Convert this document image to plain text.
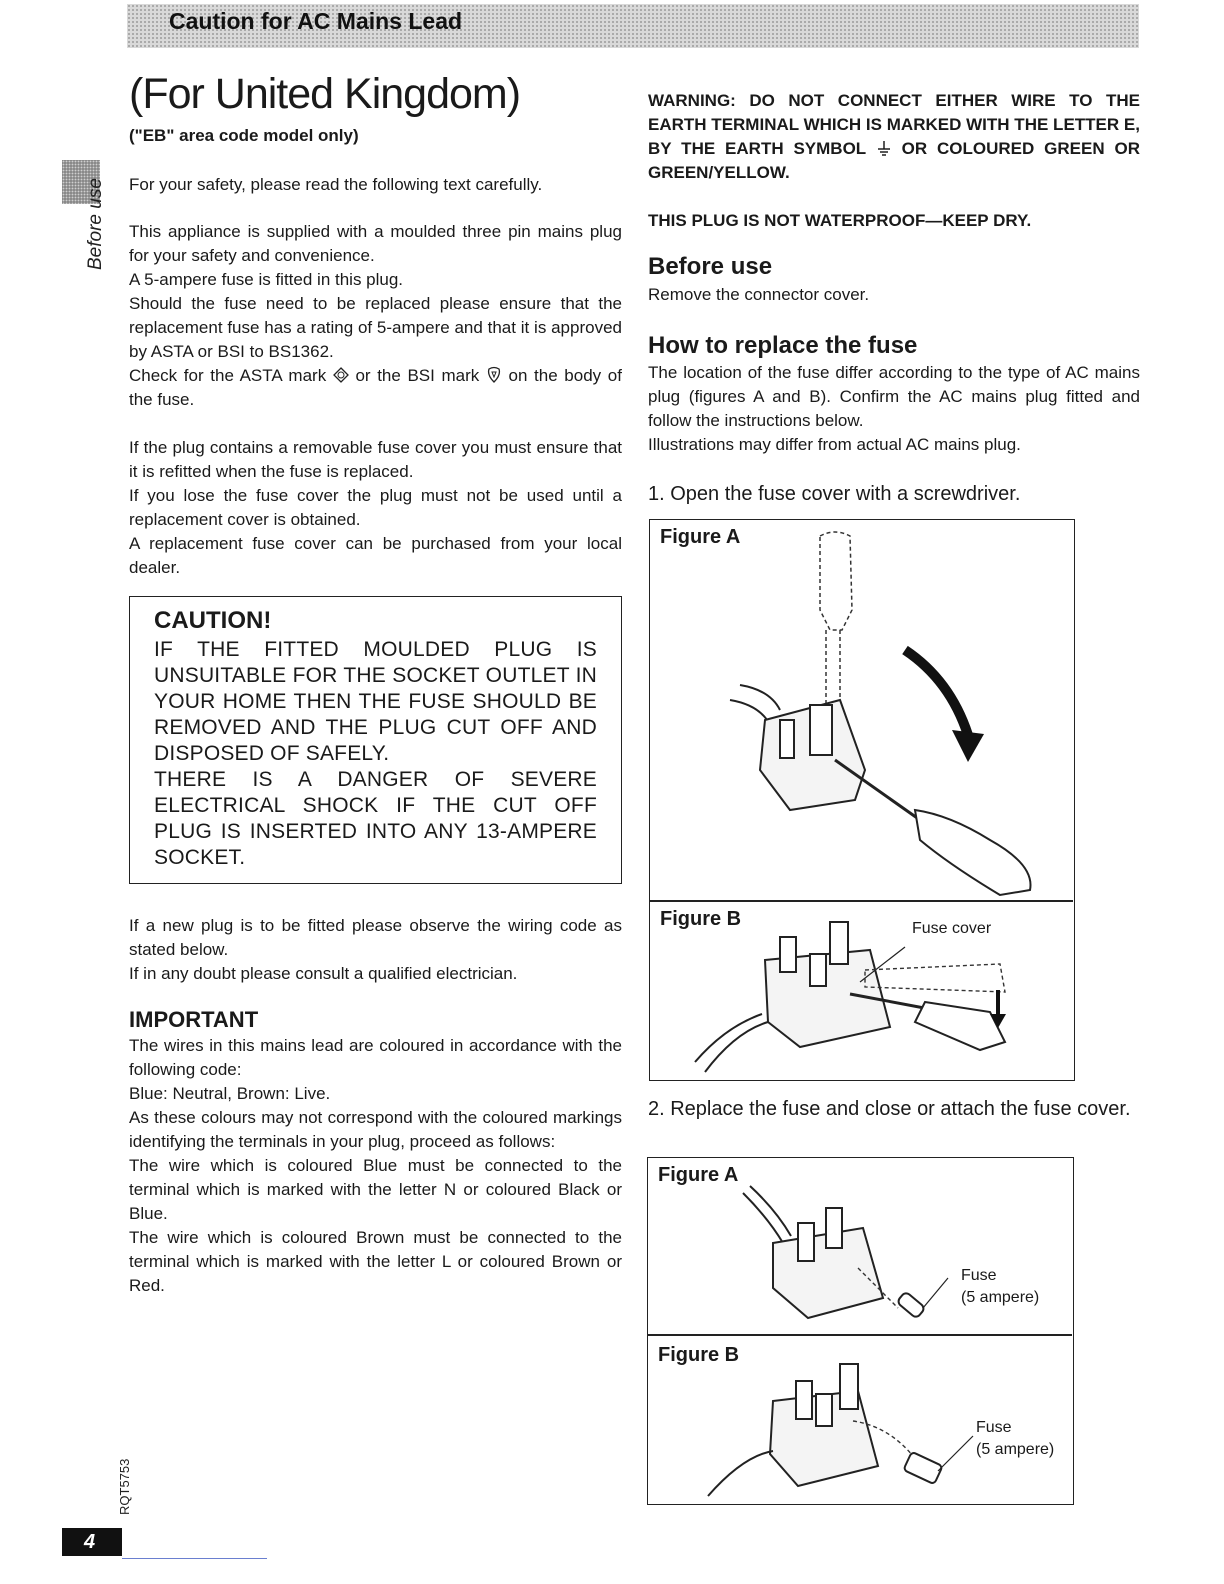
Caution for AC Mains Lead
Before use
RQT5753
4
(For United Kingdom)

("EB" area code model only)

For your safety, please read the following text carefully.

This appliance is supplied with a moulded three pin mains plug for your safety and convenience.

A 5-ampere fuse is fitted in this plug.

Should the fuse need to be replaced please ensure that the replacement fuse has a rating of 5-ampere and that it is approved by ASTA or BSI to BS1362.

Check for the ASTA mark or the BSI mark on the body of the fuse.

If the plug contains a removable fuse cover you must ensure that it is refitted when the fuse is replaced.

If you lose the fuse cover the plug must not be used until a replacement cover is obtained.

A replacement fuse cover can be purchased from your local dealer.

CAUTION!

IF THE FITTED MOULDED PLUG IS UNSUITABLE FOR THE SOCKET OUTLET IN YOUR HOME THEN THE FUSE SHOULD BE REMOVED AND THE PLUG CUT OFF AND DISPOSED OF SAFELY.

THERE IS A DANGER OF SEVERE ELECTRICAL SHOCK IF THE CUT OFF PLUG IS INSERTED INTO ANY 13-AMPERE SOCKET.

If a new plug is to be fitted please observe the wiring code as stated below.

If in any doubt please consult a qualified electrician.

IMPORTANT

The wires in this mains lead are coloured in accordance with the following code:

Blue: Neutral, Brown: Live.

As these colours may not correspond with the coloured markings identifying the terminals in your plug, proceed as follows:

The wire which is coloured Blue must be connected to the terminal which is marked with the letter N or coloured Black or Blue.

The wire which is coloured Brown must be connected to the terminal which is marked with the letter L or coloured Brown or Red.

WARNING: DO NOT CONNECT EITHER WIRE TO THE EARTH TERMINAL WHICH IS MARKED WITH THE LETTER E, BY THE EARTH SYMBOL OR COLOURED GREEN OR GREEN/YELLOW.

THIS PLUG IS NOT WATERPROOF—KEEP DRY.

Before use

Remove the connector cover.

How to replace the fuse

The location of the fuse differ according to the type of AC mains plug (figures A and B). Confirm the AC mains plug fitted and follow the instructions below.

Illustrations may differ from actual AC mains plug.

1. Open the fuse cover with a screwdriver.

Figure A
Figure B	Fuse cover

2. Replace the fuse and close or attach the fuse cover.

Figure A
Fuse
(5 ampere)
Figure B
Fuse
(5 ampere)
